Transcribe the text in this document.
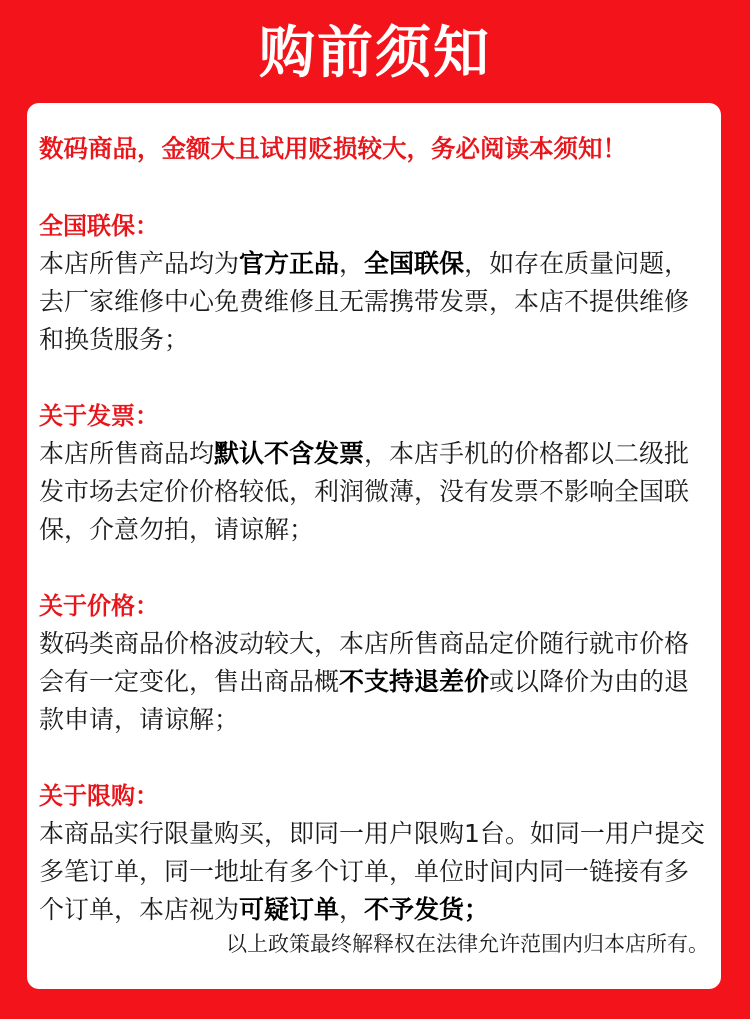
购前须知

数码商品，金额大且试用贬损较大，务必阅读本须知！

全国联保：

本店所售产品均为官方正品，全国联保，如存在质量问题，去厂家维修中心免费维修且无需携带发票，本店不提供维修和换货服务；

关于发票：

本店所售商品均默认不含发票，本店手机的价格都以二级批发市场去定价价格较低，利润微薄，没有发票不影响全国联保，介意勿拍，请谅解；

关于价格：

数码类商品价格波动较大，本店所售商品定价随行就市价格会有一定变化，售出商品概不支持退差价或以降价为由的退款申请，请谅解；

关于限购：

本商品实行限量购买，即同一用户限购1台。如同一用户提交多笔订单，同一地址有多个订单，单位时间内同一链接有多个订单，本店视为可疑订单，不予发货；

以上政策最终解释权在法律允许范围内归本店所有。
